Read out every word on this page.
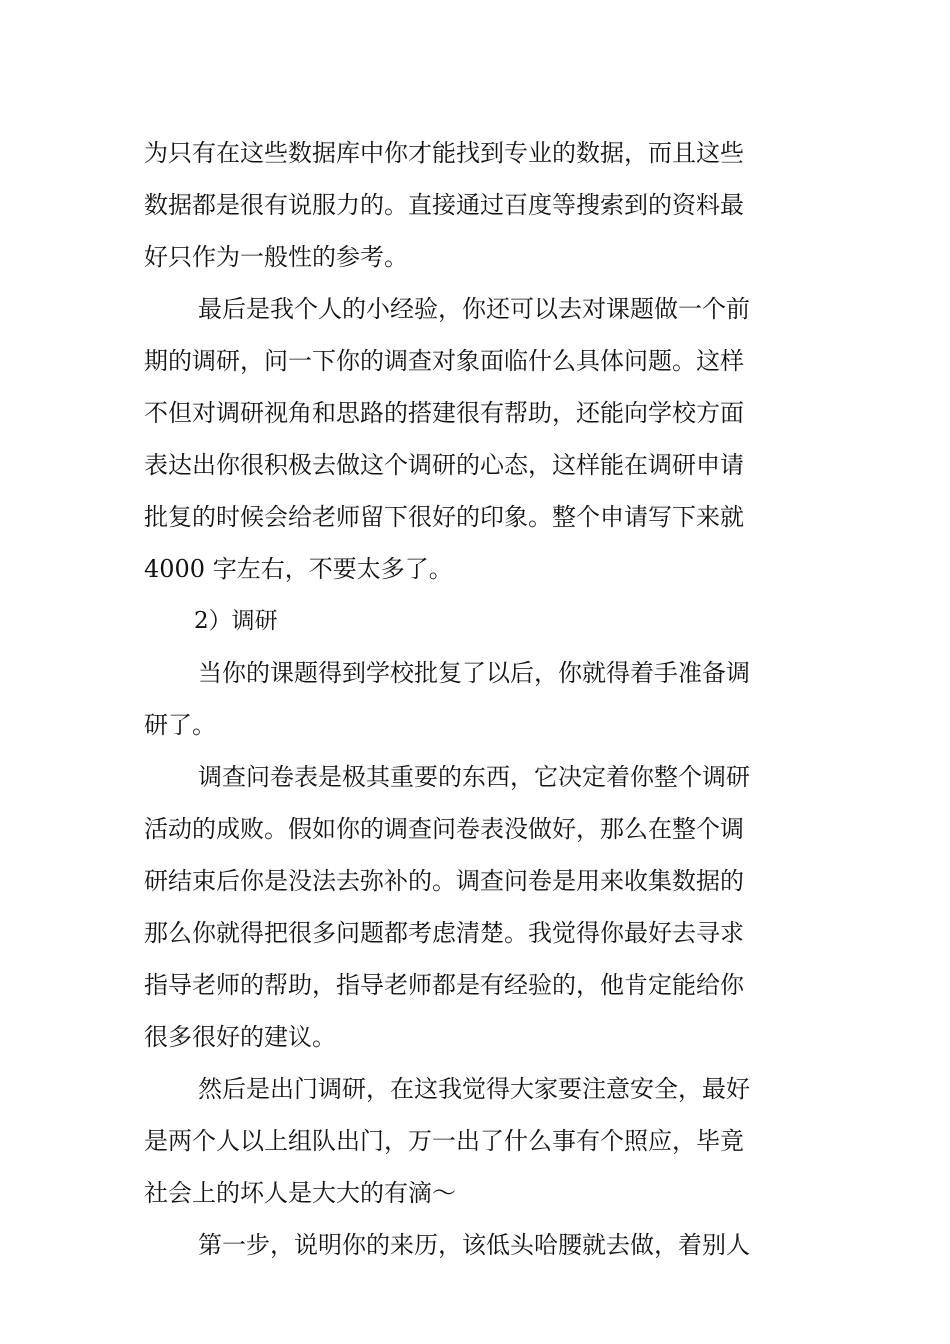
为只有在这些数据库中你才能找到专业的数据，而且这些
数据都是很有说服力的。直接通过百度等搜索到的资料最
好只作为一般性的参考。
最后是我个人的小经验，你还可以去对课题做一个前
期的调研，问一下你的调查对象面临什么具体问题。这样
不但对调研视角和思路的搭建很有帮助，还能向学校方面
表达出你很积极去做这个调研的心态，这样能在调研申请
批复的时候会给老师留下很好的印象。整个申请写下来就
4000 字左右，不要太多了。
2）调研
当你的课题得到学校批复了以后，你就得着手准备调
研了。
调查问卷表是极其重要的东西，它决定着你整个调研
活动的成败。假如你的调查问卷表没做好，那么在整个调
研结束后你是没法去弥补的。调查问卷是用来收集数据的
那么你就得把很多问题都考虑清楚。我觉得你最好去寻求
指导老师的帮助，指导老师都是有经验的，他肯定能给你
很多很好的建议。
然后是出门调研，在这我觉得大家要注意安全，最好
是两个人以上组队出门，万一出了什么事有个照应，毕竟
社会上的坏人是大大的有滴～
第一步，说明你的来历，该低头哈腰就去做，着别人
